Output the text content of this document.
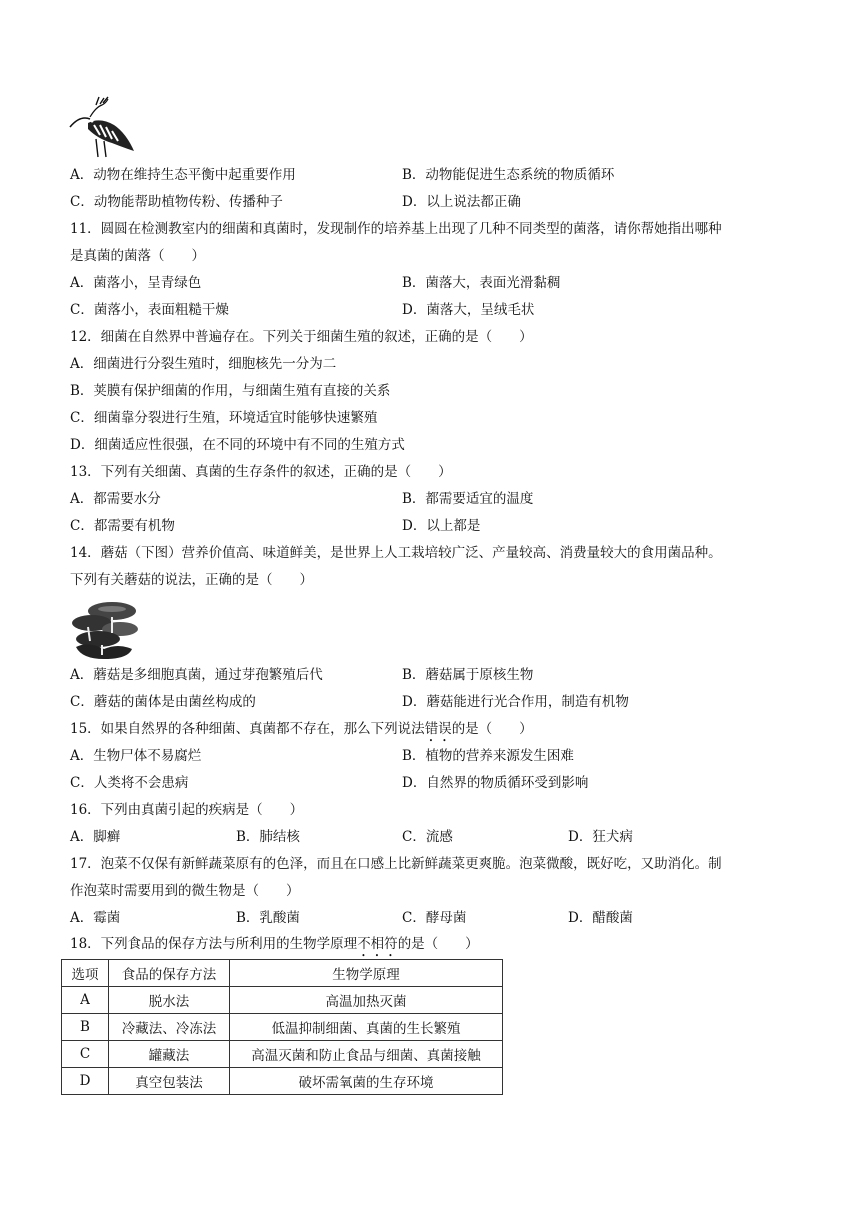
A．动物在维持生态平衡中起重要作用	B．动物能促进生态系统的物质循环
C．动物能帮助植物传粉、传播种子	D．以上说法都正确
11．圆圆在检测教室内的细菌和真菌时，发现制作的培养基上出现了几种不同类型的菌落，请你帮她指出哪种
是真菌的菌落（　　）
A．菌落小，呈青绿色	B．菌落大，表面光滑黏稠
C．菌落小，表面粗糙干燥	D．菌落大，呈绒毛状
12．细菌在自然界中普遍存在。下列关于细菌生殖的叙述，正确的是（　　）
A．细菌进行分裂生殖时，细胞核先一分为二
B．荚膜有保护细菌的作用，与细菌生殖有直接的关系
C．细菌靠分裂进行生殖，环境适宜时能够快速繁殖
D．细菌适应性很强，在不同的环境中有不同的生殖方式
13．下列有关细菌、真菌的生存条件的叙述，正确的是（　　）
A．都需要水分	B．都需要适宜的温度
C．都需要有机物	D．以上都是
14．蘑菇（下图）营养价值高、味道鲜美，是世界上人工栽培较广泛、产量较高、消费量较大的食用菌品种。
下列有关蘑菇的说法，正确的是（　　）
A．蘑菇是多细胞真菌，通过芽孢繁殖后代	B．蘑菇属于原核生物
C．蘑菇的菌体是由菌丝构成的	D．蘑菇能进行光合作用，制造有机物
15．如果自然界的各种细菌、真菌都不存在，那么下列说法错误的是（　　）
A．生物尸体不易腐烂	B．植物的营养来源发生困难
C．人类将不会患病	D．自然界的物质循环受到影响
16．下列由真菌引起的疾病是（　　）
A．脚癣	B．肺结核	C．流感	D．狂犬病
17．泡菜不仅保有新鲜蔬菜原有的色泽，而且在口感上比新鲜蔬菜更爽脆。泡菜微酸，既好吃，又助消化。制
作泡菜时需要用到的微生物是（　　）
A．霉菌	B．乳酸菌	C．酵母菌	D．醋酸菌
18．下列食品的保存方法与所利用的生物学原理不相符的是（　　）
选项	食品的保存方法	生物学原理
A	脱水法	高温加热灭菌
B	冷藏法、冷冻法	低温抑制细菌、真菌的生长繁殖
C	罐藏法	高温灭菌和防止食品与细菌、真菌接触
D	真空包装法	破坏需氧菌的生存环境
